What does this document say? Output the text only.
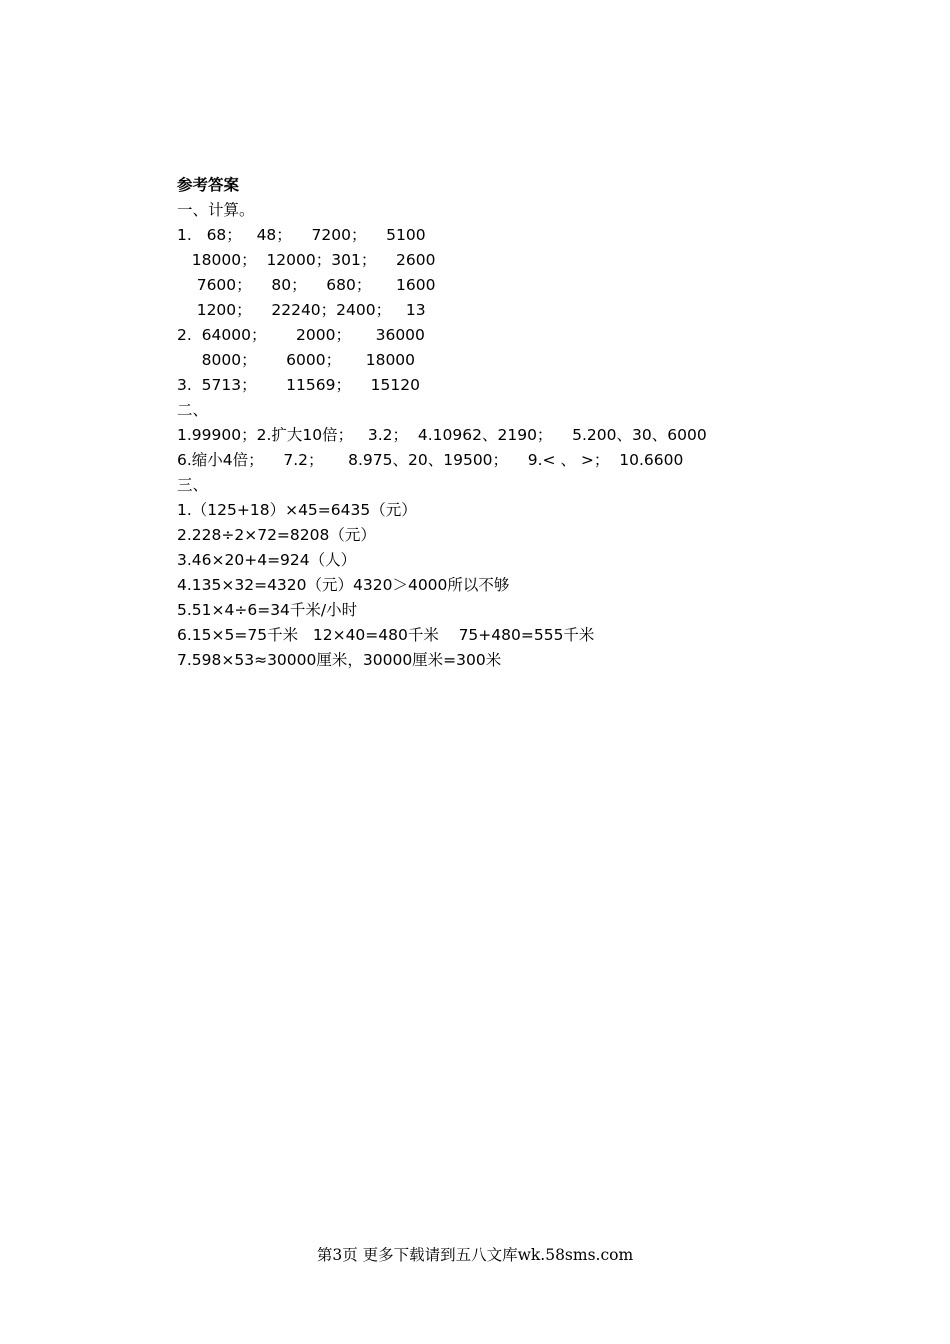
参考答案
一、计算。
1.   68；   48；    7200；    5100
18000；  12000；301；    2600
7600；    80；    680；     1600
1200；    22240；2400；   13
2.  64000；      2000；     36000
8000；      6000；     18000
3.  5713；      11569；    15120
二、
1.99900；2.扩大10倍；   3.2；  4.10962、2190；    5.200、30、6000
6.缩小4倍；    7.2；     8.975、20、19500；    9.< 、 >；  10.6600
三、
1.（125+18）×45=6435（元）
2.228÷2×72=8208（元）
3.46×20+4=924（人）
4.135×32=4320（元）4320＞4000所以不够
5.51×4÷6=34千米/小时
6.15×5=75千米   12×40=480千米    75+480=555千米
7.598×53≈30000厘米，30000厘米=300米
第3页 更多下载请到五八文库wk.58sms.com
